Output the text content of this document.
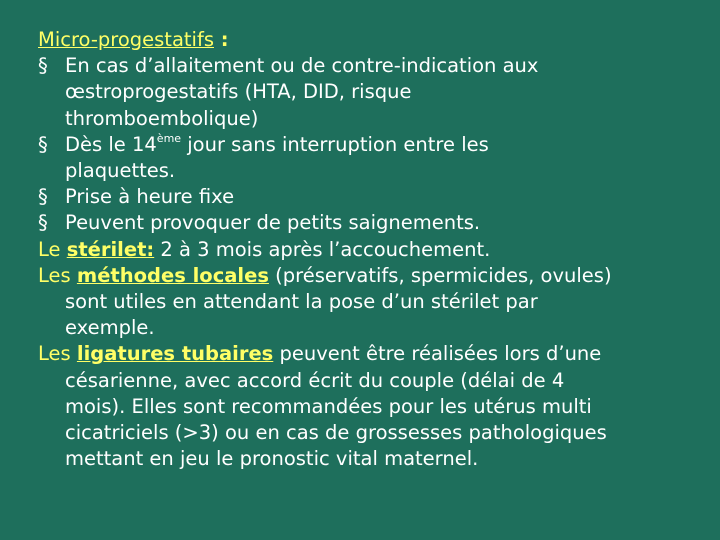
Micro-progestatifs :
§ En cas d’allaitement ou de contre-indication aux
œstroprogestatifs (HTA, DID, risque
thromboembolique)
§ Dès le 14ème jour sans interruption entre les
plaquettes.
§ Prise à heure fixe
§ Peuvent provoquer de petits saignements.
Le stérilet: 2 à 3 mois après l’accouchement.
Les méthodes locales (préservatifs, spermicides, ovules)
sont utiles en attendant la pose d’un stérilet par
exemple.
Les ligatures tubaires peuvent être réalisées lors d’une
césarienne, avec accord écrit du couple (délai de 4
mois). Elles sont recommandées pour les utérus multi
cicatriciels (>3) ou en cas de grossesses pathologiques
mettant en jeu le pronostic vital maternel.
